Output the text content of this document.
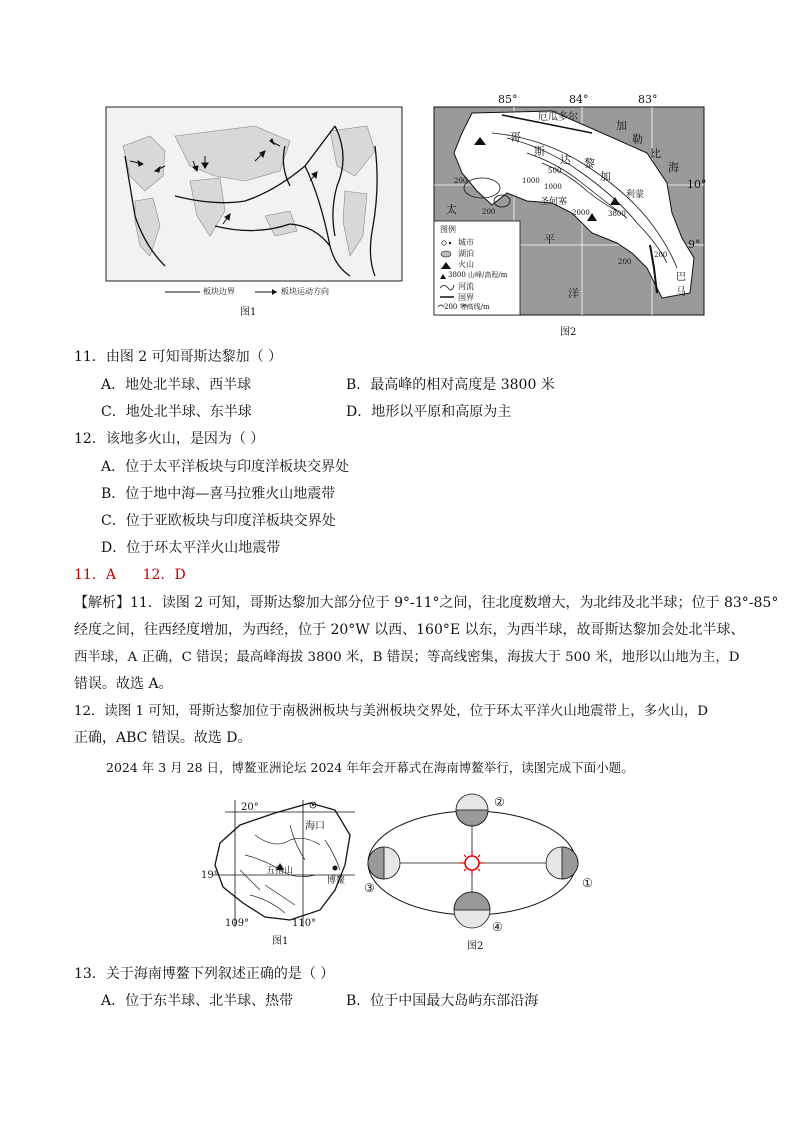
板块边界	板块运动方向
图1
85°	84°	83°
10°
9°
厄瓜多尔
哥
斯
达 黎
加
加
勒
比
海
太
平
洋
巴
马
利蒙
圣何塞
500
1000
2000
200
200
1000
3800
200
200
图例
城市
湖泊
火山
3800 山峰/高程/m
河流
国界
200 等高线/m
图2
11．由图 2 可知哥斯达黎加（ ）
A．地处北半球、西半球	B．最高峰的相对高度是 3800 米
C．地处北半球、东半球	D．地形以平原和高原为主
12．该地多火山，是因为（ ）
A．位于太平洋板块与印度洋板块交界处
B．位于地中海—喜马拉雅火山地震带
C．位于亚欧板块与印度洋板块交界处
D．位于环太平洋火山地震带
11．A      12．D
【解析】11．读图 2 可知，哥斯达黎加大部分位于 9°-11°之间，往北度数增大，为北纬及北半球；位于 83°-85°
经度之间，往西经度增加，为西经，位于 20°W 以西、160°E 以东，为西半球，故哥斯达黎加会处北半球、
西半球，A 正确，C 错误；最高峰海拔 3800 米，B 错误；等高线密集，海拔大于 500 米，地形以山地为主，D
错误。故选 A。
12．读图 1 可知，哥斯达黎加位于南极洲板块与美洲板块交界处，位于环太平洋火山地震带上，多火山，D
正确，ABC 错误。故选 D。
2024 年 3 月 28 日，博鳌亚洲论坛 2024 年年会开幕式在海南博鳌举行，读图完成下面小题。
20°
19°
109°	110°
海口
五指山
博鳌
图1
②
①
③
④
图2
13．关于海南博鳌下列叙述正确的是（ ）
A．位于东半球、北半球、热带	B．位于中国最大岛屿东部沿海
